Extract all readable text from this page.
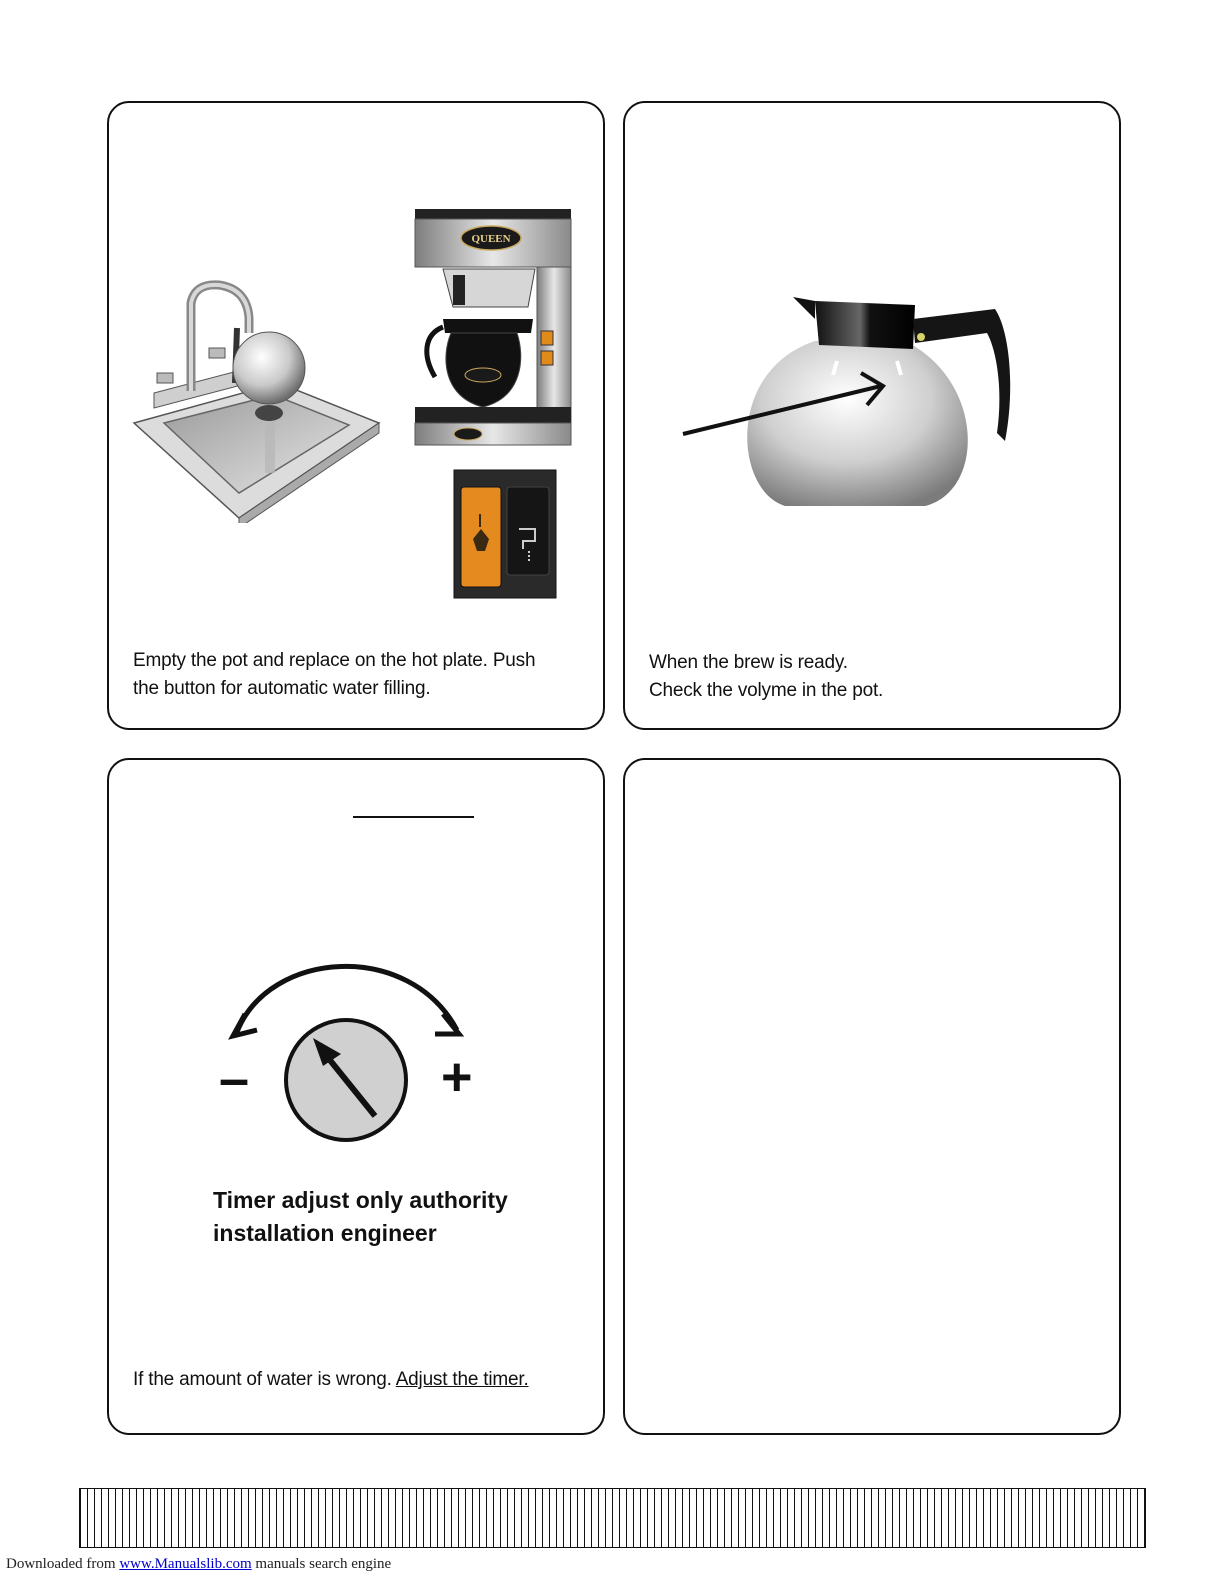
QUEEN
Empty the pot and replace on the hot plate. Push
the button for automatic water filling.
When the brew is ready.
Check the volyme in the pot.
–	+
Timer adjust only authority
installation engineer
If the amount of water is wrong. Adjust the timer.
Downloaded from www.Manualslib.com manuals search engine
